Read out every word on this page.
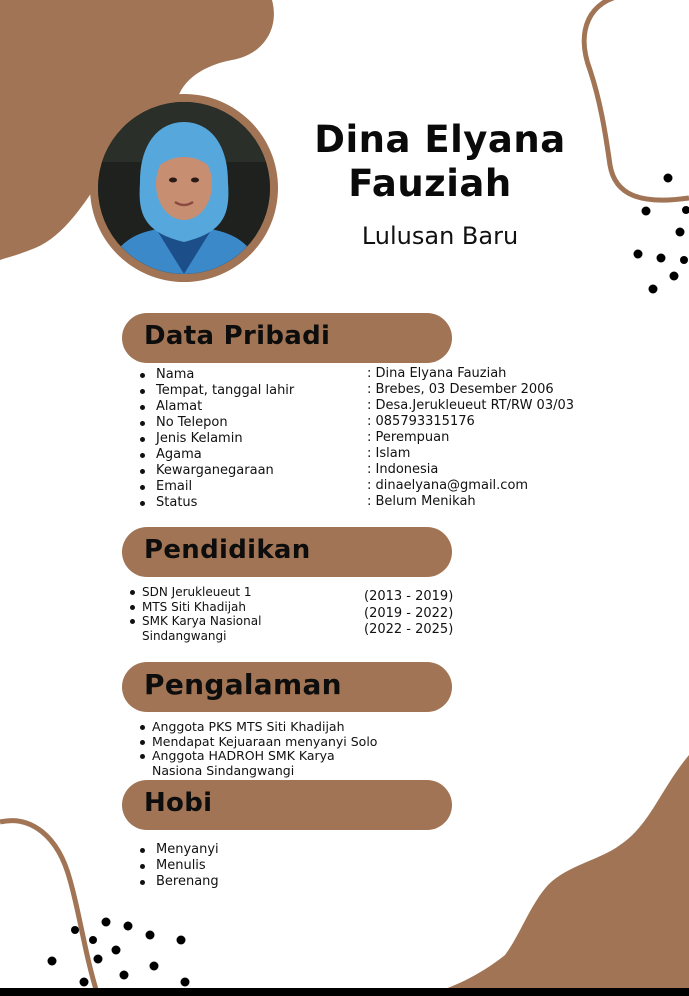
Dina Elyana
Fauziah
Lulusan Baru
Data Pribadi
Nama
Tempat, tanggal lahir
Alamat
No Telepon
Jenis Kelamin
Agama
Kewarganegaraan
Email
Status
: Dina Elyana Fauziah
: Brebes, 03 Desember 2006
: Desa.Jerukleueut RT/RW 03/03
: 085793315176
: Perempuan
: Islam
: Indonesia
: dinaelyana@gmail.com
: Belum Menikah
Pendidikan
SDN Jerukleueut 1
MTS Siti Khadijah
SMK Karya Nasional Sindangwangi
(2013 - 2019)
(2019 - 2022)
(2022 - 2025)
Pengalaman
Anggota PKS MTS Siti Khadijah
Mendapat Kejuaraan menyanyi Solo
Anggota HADROH SMK Karya Nasiona Sindangwangi
Hobi
Menyanyi
Menulis
Berenang
